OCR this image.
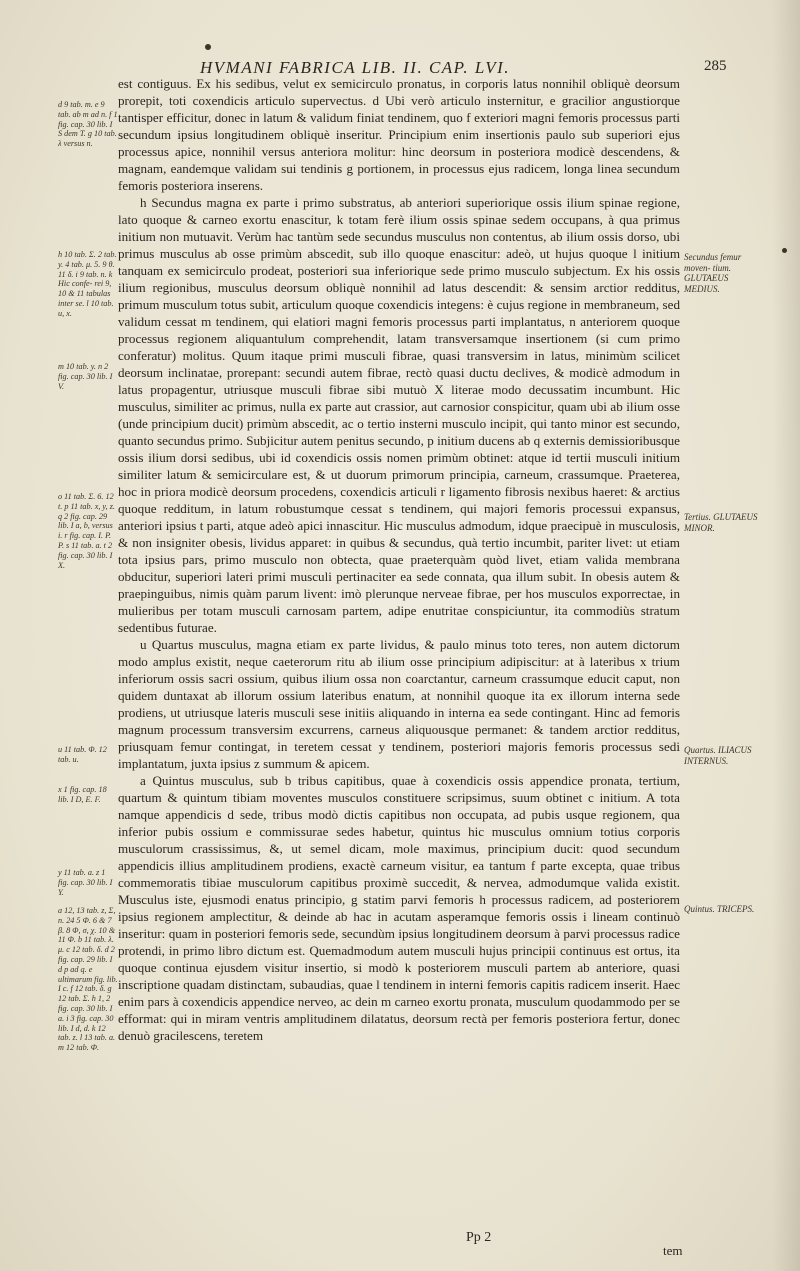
HVMANI FABRICA LIB. II. CAP. LVI.	285
d 9 tab. m. e 9 tab. ab m ad n. f 1 fig. cap. 30 lib. I S dem T. g 10 tab. λ versus n.
h 10 tab. Σ. 2 tab. y. 4 tab. μ. 5. 9 θ. 11 δ. i 9 tab. n. k Hic confe- rei 9, 10 & 11 tabulas inter se. l 10 tab. u, x.
m 10 tab. y. n 2 fig. cap. 30 lib. I V.
o 11 tab. Σ. 6. 12 t. p 11 tab. x, y, z. q 2 fig. cap. 29 lib. I a, b, versus i. r fig. cap. I. P. P. s 11 tab. a. t 2 fig. cap. 30 lib. I X.
u 11 tab. Φ. 12 tab. u.
x 1 fig. cap. 18 lib. I D, E. F.
y 11 tab. a. z 1 fig. cap. 30 lib. I Y.
a 12, 13 tab. z, Σ, n. 24 5 Φ. 6 & 7 β. 8 Φ, σ, χ. 10 & 11 Φ. b 11 tab. λ. μ. c 12 tab. δ. d 2 fig. cap. 29 lib. I d p ad q. e ultimarum fig. lib. I c. f 12 tab. δ. g 12 tab. Σ. h 1, 2 fig. cap. 30 lib. I a. i 3 fig. cap. 30 lib. I d, d. k 12 tab. z. l 13 tab. a. m 12 tab. Φ.
Secundus femur moven- tium. GLUTAEUS MEDIUS.
Tertius. GLUTAEUS MINOR.
Quartus. ILIACUS INTERNUS.
Quintus. TRICEPS.

est contiguus. Ex his sedibus, velut ex semicirculo pronatus, in corporis latus nonnihil obliquè deorsum prorepit, toti coxendicis articulo supervectus. d Ubi verò articulo insternitur, e gracilior angustiorque tantisper efficitur, donec in latum & validum finiat tendinem, quo f exteriori magni femoris processus parti secundum ipsius longitudinem obliquè inseritur. Principium enim insertionis paulo sub superiori ejus processus apice, nonnihil versus anteriora molitur: hinc deorsum in posteriora modicè descendens, & magnam, eandemque validam sui tendinis g portionem, in processus ejus radicem, longa linea secundum femoris posteriora inserens.

h Secundus magna ex parte i primo substratus, ab anteriori superiorique ossis ilium spinae regione, lato quoque & carneo exortu enascitur, k totam ferè ilium ossis spinae sedem occupans, à qua primus initium non mutuavit. Verùm hac tantùm sede secundus musculus non contentus, ab ilium ossis dorso, ubi primus musculus ab osse primùm abscedit, sub illo quoque enascitur: adeò, ut hujus quoque l initium tanquam ex semicirculo prodeat, posteriori sua inferiorique sede primo musculo subjectum. Ex his ossis ilium regionibus, musculus deorsum obliquè nonnihil ad latus descendit: & sensim arctior redditus, primum musculum totus subit, articulum quoque coxendicis integens: è cujus regione in membraneum, sed validum cessat m tendinem, qui elatiori magni femoris processus parti implantatus, n anteriorem quoque processus regionem aliquantulum comprehendit, latam transversamque insertionem (si cum primo conferatur) molitus. Quum itaque primi musculi fibrae, quasi transversim in latus, minimùm scilicet deorsum inclinatae, prorepant: secundi autem fibrae, rectò quasi ductu declives, & modicè admodum in latus propagentur, utriusque musculi fibrae sibi mutuò X literae modo decussatim incumbunt. Hic musculus, similiter ac primus, nulla ex parte aut crassior, aut carnosior conspicitur, quam ubi ab ilium osse (unde principium ducit) primùm abscedit, ac o tertio insterni musculo incipit, qui tanto minor est secundo, quanto secundus primo. Subjicitur autem penitus secundo, p initium ducens ab q externis demissioribusque ossis ilium dorsi sedibus, ubi id coxendicis ossis nomen primùm obtinet: atque id tertii musculi initium similiter latum & semicirculare est, & ut duorum primorum principia, carneum, crassumque. Praeterea, hoc in priora modicè deorsum procedens, coxendicis articuli r ligamento fibrosis nexibus haeret: & arctius quoque redditum, in latum robustumque cessat s tendinem, qui majori femoris processui expansus, anteriori ipsius t parti, atque adeò apici innascitur. Hic musculus admodum, idque praecipuè in musculosis, & non insigniter obesis, lividus apparet: in quibus & secundus, quà tertio incumbit, pariter livet: ut etiam tota ipsius pars, primo musculo non obtecta, quae praeterquàm quòd livet, etiam valida membrana obducitur, superiori lateri primi musculi pertinaciter ea sede connata, qua illum subit. In obesis autem & praepinguibus, nimis quàm parum livent: imò plerunque nerveae fibrae, per hos musculos exporrectae, in mulieribus per totam musculi carnosam partem, adipe enutritae conspiciuntur, ita commodiùs stratum sedentibus futurae.

u Quartus musculus, magna etiam ex parte lividus, & paulo minus toto teres, non autem dictorum modo amplus existit, neque caeterorum ritu ab ilium osse principium adipiscitur: at à lateribus x trium inferiorum ossis sacri ossium, quibus ilium ossa non coarctantur, carneum crassumque educit caput, non quidem duntaxat ab illorum ossium lateribus enatum, at nonnihil quoque ita ex illorum interna sede prodiens, ut utriusque lateris musculi sese initiis aliquando in interna ea sede contingant. Hinc ad femoris magnum processum transversim excurrens, carneus aliquousque permanet: & tandem arctior redditus, priusquam femur contingat, in teretem cessat y tendinem, posteriori majoris femoris processus sedi implantatum, juxta ipsius z summum & apicem.

a Quintus musculus, sub b tribus capitibus, quae à coxendicis ossis appendice pronata, tertium, quartum & quintum tibiam moventes musculos constituere scripsimus, suum obtinet c initium. A tota namque appendicis d sede, tribus modò dictis capitibus non occupata, ad pubis usque regionem, qua inferior pubis ossium e commissurae sedes habetur, quintus hic musculus omnium totius corporis musculorum crassissimus, &, ut semel dicam, mole maximus, principium ducit: quod secundum appendicis illius amplitudinem prodiens, exactè carneum visitur, ea tantum f parte excepta, quae tribus commemoratis tibiae musculorum capitibus proximè succedit, & nervea, admodumque valida existit. Musculus iste, ejusmodi enatus principio, g statim parvi femoris h processus radicem, ad posteriorem ipsius regionem amplectitur, & deinde ab hac in acutam asperamque femoris ossis i lineam continuò inseritur: quam in posteriori femoris sede, secundùm ipsius longitudinem deorsum à parvi processus radice protendi, in primo libro dictum est. Quemadmodum autem musculi hujus principii continuus est ortus, ita quoque continua ejusdem visitur insertio, si modò k posteriorem musculi partem ab anteriore, quasi inscriptione quadam distinctam, subaudias, quae l tendinem in interni femoris capitis radicem inserit. Haec enim pars à coxendicis appendice nerveo, ac dein m carneo exortu pronata, musculum quodammodo per se efformat: qui in miram ventris amplitudinem dilatatus, deorsum rectà per femoris posteriora fertur, donec denuò gracilescens, teretem

Pp 2
tem
